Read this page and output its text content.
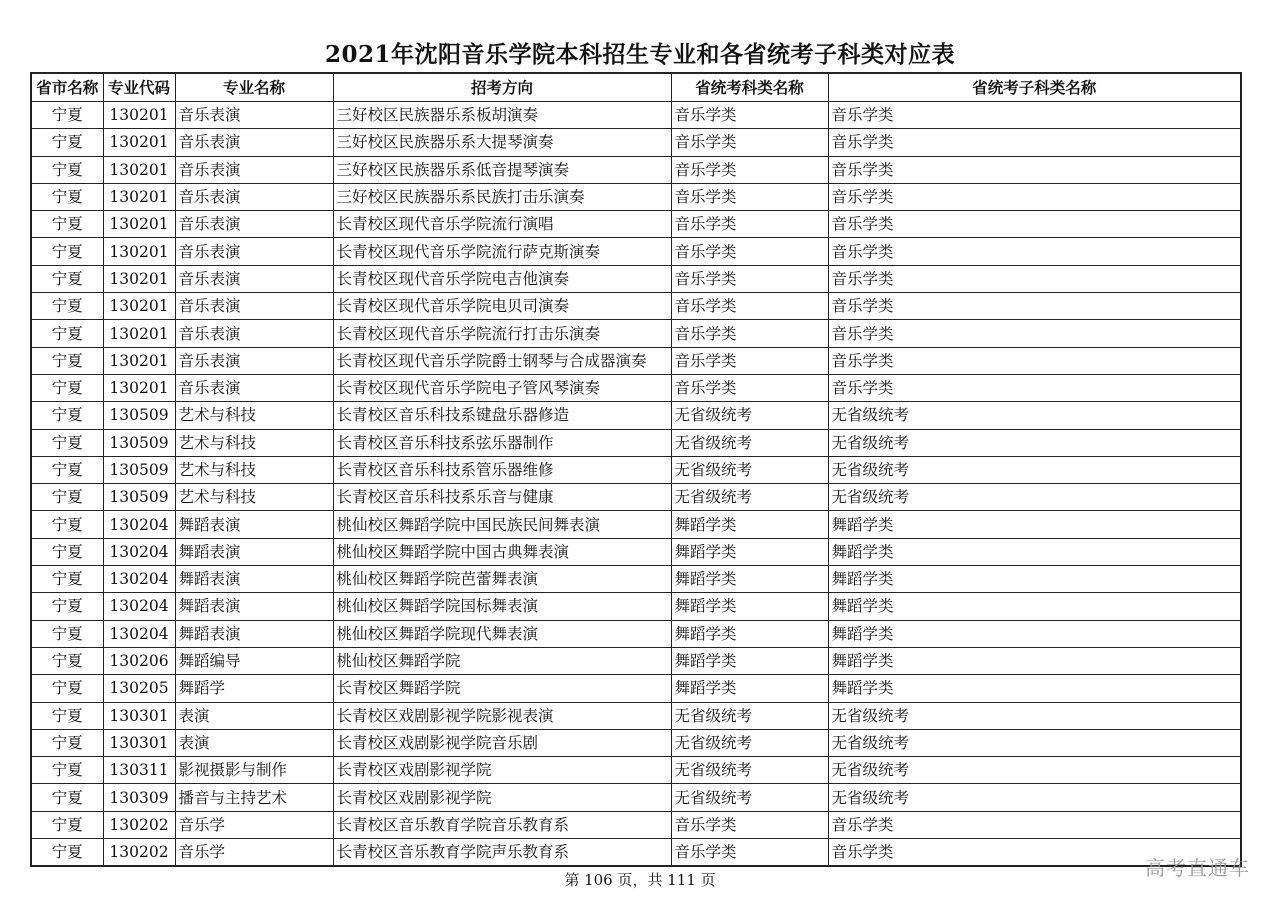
2021年沈阳音乐学院本科招生专业和各省统考子科类对应表
省市名称	专业代码	专业名称	招考方向	省统考科类名称	省统考子科类名称
宁夏	130201	音乐表演	三好校区民族器乐系板胡演奏	音乐学类	音乐学类
宁夏	130201	音乐表演	三好校区民族器乐系大提琴演奏	音乐学类	音乐学类
宁夏	130201	音乐表演	三好校区民族器乐系低音提琴演奏	音乐学类	音乐学类
宁夏	130201	音乐表演	三好校区民族器乐系民族打击乐演奏	音乐学类	音乐学类
宁夏	130201	音乐表演	长青校区现代音乐学院流行演唱	音乐学类	音乐学类
宁夏	130201	音乐表演	长青校区现代音乐学院流行萨克斯演奏	音乐学类	音乐学类
宁夏	130201	音乐表演	长青校区现代音乐学院电吉他演奏	音乐学类	音乐学类
宁夏	130201	音乐表演	长青校区现代音乐学院电贝司演奏	音乐学类	音乐学类
宁夏	130201	音乐表演	长青校区现代音乐学院流行打击乐演奏	音乐学类	音乐学类
宁夏	130201	音乐表演	长青校区现代音乐学院爵士钢琴与合成器演奏	音乐学类	音乐学类
宁夏	130201	音乐表演	长青校区现代音乐学院电子管风琴演奏	音乐学类	音乐学类
宁夏	130509	艺术与科技	长青校区音乐科技系键盘乐器修造	无省级统考	无省级统考
宁夏	130509	艺术与科技	长青校区音乐科技系弦乐器制作	无省级统考	无省级统考
宁夏	130509	艺术与科技	长青校区音乐科技系管乐器维修	无省级统考	无省级统考
宁夏	130509	艺术与科技	长青校区音乐科技系乐音与健康	无省级统考	无省级统考
宁夏	130204	舞蹈表演	桃仙校区舞蹈学院中国民族民间舞表演	舞蹈学类	舞蹈学类
宁夏	130204	舞蹈表演	桃仙校区舞蹈学院中国古典舞表演	舞蹈学类	舞蹈学类
宁夏	130204	舞蹈表演	桃仙校区舞蹈学院芭蕾舞表演	舞蹈学类	舞蹈学类
宁夏	130204	舞蹈表演	桃仙校区舞蹈学院国标舞表演	舞蹈学类	舞蹈学类
宁夏	130204	舞蹈表演	桃仙校区舞蹈学院现代舞表演	舞蹈学类	舞蹈学类
宁夏	130206	舞蹈编导	桃仙校区舞蹈学院	舞蹈学类	舞蹈学类
宁夏	130205	舞蹈学	长青校区舞蹈学院	舞蹈学类	舞蹈学类
宁夏	130301	表演	长青校区戏剧影视学院影视表演	无省级统考	无省级统考
宁夏	130301	表演	长青校区戏剧影视学院音乐剧	无省级统考	无省级统考
宁夏	130311	影视摄影与制作	长青校区戏剧影视学院	无省级统考	无省级统考
宁夏	130309	播音与主持艺术	长青校区戏剧影视学院	无省级统考	无省级统考
宁夏	130202	音乐学	长青校区音乐教育学院音乐教育系	音乐学类	音乐学类
宁夏	130202	音乐学	长青校区音乐教育学院声乐教育系	音乐学类	音乐学类
第 106 页，共 111 页	高考直通车
